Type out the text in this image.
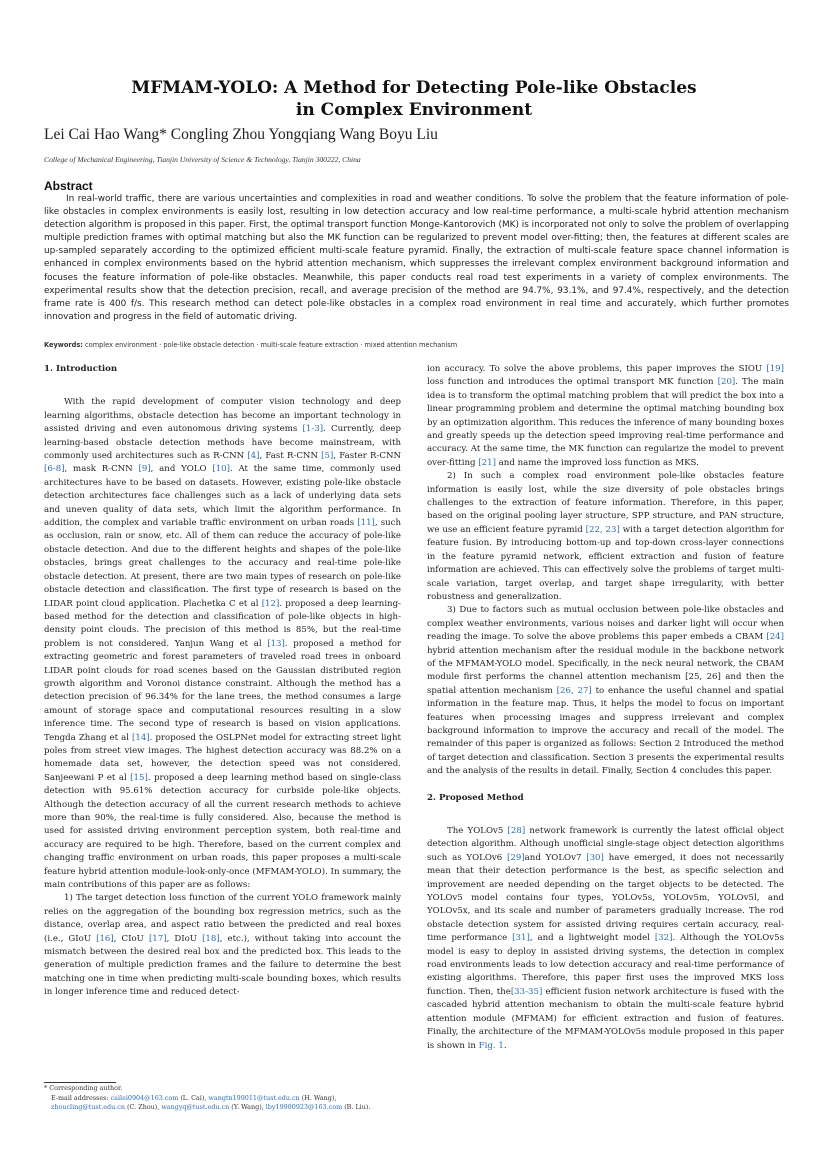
MFMAM-YOLO: A Method for Detecting Pole-like Obstacles
in Complex Environment
Lei Cai Hao Wang* Congling Zhou Yongqiang Wang Boyu Liu
College of Mechanical Engineering, Tianjin University of Science & Technology, Tianjin 300222, China
Abstract
In real-world traffic, there are various uncertainties and complexities in road and weather conditions. To solve the problem that the feature information of pole-like obstacles in complex environments is easily lost, resulting in low detection accuracy and low real-time performance, a multi-scale hybrid attention mechanism detection algorithm is proposed in this paper. First, the optimal transport function Monge-Kantorovich (MK) is incorporated not only to solve the problem of overlapping multiple prediction frames with optimal matching but also the MK function can be regularized to prevent model over-fitting; then, the features at different scales are up-sampled separately according to the optimized efficient multi-scale feature pyramid. Finally, the extraction of multi-scale feature space channel information is enhanced in complex environments based on the hybrid attention mechanism, which suppresses the irrelevant complex environment background information and focuses the feature information of pole-like obstacles. Meanwhile, this paper conducts real road test experiments in a variety of complex environments. The experimental results show that the detection precision, recall, and average precision of the method are 94.7%, 93.1%, and 97.4%, respectively, and the detection frame rate is 400 f/s. This research method can detect pole-like obstacles in a complex road environment in real time and accurately, which further promotes innovation and progress in the field of automatic driving.
Keywords: complex environment · pole-like obstacle detection · multi-scale feature extraction · mixed attention mechanism
1. Introduction

With the rapid development of computer vision technology and deep learning algorithms, obstacle detection has become an important technology in assisted driving and even autonomous driving systems [1-3]. Currently, deep learning-based obstacle detection methods have become mainstream, with commonly used architectures such as R-CNN [4], Fast R-CNN [5], Faster R-CNN [6-8], mask R-CNN [9], and YOLO [10]. At the same time, commonly used architectures have to be based on datasets. However, existing pole-like obstacle detection architectures face challenges such as a lack of underlying data sets and uneven quality of data sets, which limit the algorithm performance. In addition, the complex and variable traffic environment on urban roads [11], such as occlusion, rain or snow, etc. All of them can reduce the accuracy of pole-like obstacle detection. And due to the different heights and shapes of the pole-like obstacles, brings great challenges to the accuracy and real-time pole-like obstacle detection. At present, there are two main types of research on pole-like obstacle detection and classification. The first type of research is based on the LIDAR point cloud application. Plachetka C et al [12]. proposed a deep learning-based method for the detection and classification of pole-like objects in high-density point clouds. The precision of this method is 85%, but the real-time problem is not considered. Yanjun Wang et al [13]. proposed a method for extracting geometric and forest parameters of traveled road trees in onboard LIDAR point clouds for road scenes based on the Gaussian distributed region growth algorithm and Voronoi distance constraint. Although the method has a detection precision of 96.34% for the lane trees, the method consumes a large amount of storage space and computational resources resulting in a slow inference time. The second type of research is based on vision applications. Tengda Zhang et al [14]. proposed the OSLPNet model for extracting street light poles from street view images. The highest detection accuracy was 88.2% on a homemade data set, however, the detection speed was not considered. Sanjeewani P et al [15]. proposed a deep learning method based on single-class detection with 95.61% detection accuracy for curbside pole-like objects. Although the detection accuracy of all the current research methods to achieve more than 90%, the real-time is fully considered. Also, because the method is used for assisted driving environment perception system, both real-time and accuracy are required to be high. Therefore, based on the current complex and changing traffic environment on urban roads, this paper proposes a multi-scale feature hybrid attention module-look-only-once (MFMAM-YOLO). In summary, the main contributions of this paper are as follows:

1) The target detection loss function of the current YOLO framework mainly relies on the aggregation of the bounding box regression metrics, such as the distance, overlap area, and aspect ratio between the predicted and real boxes (i.e., GIoU [16], CIoU [17], DIoU [18], etc.), without taking into account the mismatch between the desired real box and the predicted box. This leads to the generation of multiple prediction frames and the failure to determine the best matching one in time when predicting multi-scale bounding boxes, which results in longer inference time and reduced detect-

ion accuracy. To solve the above problems, this paper improves the SIOU [19] loss function and introduces the optimal transport MK function [20]. The main idea is to transform the optimal matching problem that will predict the box into a linear programming problem and determine the optimal matching bounding box by an optimization algorithm. This reduces the inference of many bounding boxes and greatly speeds up the detection speed improving real-time performance and accuracy. At the same time, the MK function can regularize the model to prevent over-fitting [21] and name the improved loss function as MKS.

2) In such a complex road environment pole-like obstacles feature information is easily lost, while the size diversity of pole obstacles brings challenges to the extraction of feature information. Therefore, in this paper, based on the original pooling layer structure, SPP structure, and PAN structure, we use an efficient feature pyramid [22, 23] with a target detection algorithm for feature fusion. By introducing bottom-up and top-down cross-layer connections in the feature pyramid network, efficient extraction and fusion of feature information are achieved. This can effectively solve the problems of target multi-scale variation, target overlap, and target shape irregularity, with better robustness and generalization.

3) Due to factors such as mutual occlusion between pole-like obstacles and complex weather environments, various noises and darker light will occur when reading the image. To solve the above problems this paper embeds a CBAM [24] hybrid attention mechanism after the residual module in the backbone network of the MFMAM-YOLO model. Specifically, in the neck neural network, the CBAM module first performs the channel attention mechanism [25, 26] and then the spatial attention mechanism [26, 27] to enhance the useful channel and spatial information in the feature map. Thus, it helps the model to focus on important features when processing images and suppress irrelevant and complex background information to improve the accuracy and recall of the model. The remainder of this paper is organized as follows: Section 2 Introduced the method of target detection and classification. Section 3 presents the experimental results and the analysis of the results in detail. Finally, Section 4 concludes this paper.

2. Proposed Method

The YOLOv5 [28] network framework is currently the latest official object detection algorithm. Although unofficial single-stage object detection algorithms such as YOLOv6 [29]and YOLOv7 [30] have emerged, it does not necessarily mean that their detection performance is the best, as specific selection and improvement are needed depending on the target objects to be detected. The YOLOv5 model contains four types, YOLOv5s, YOLOv5m, YOLOv5l, and YOLOv5x, and its scale and number of parameters gradually increase. The rod obstacle detection system for assisted driving requires certain accuracy, real-time performance [31], and a lightweight model [32]. Although the YOLOv5s model is easy to deploy in assisted driving systems, the detection in complex road environments leads to low detection accuracy and real-time performance of existing algorithms. Therefore, this paper first uses the improved MKS loss function. Then, the[33-35] efficient fusion network architecture is fused with the cascaded hybrid attention mechanism to obtain the multi-scale feature hybrid attention module (MFMAM) for efficient extraction and fusion of features. Finally, the architecture of the MFMAM-YOLOv5s module proposed in this paper is shown in Fig. 1.

* Corresponding author.
E-mail addresses: cailei0904@163.com (L. Cai), wangtn199011@tust.edu.cn (H. Wang),
zhoucling@tust.edu.cn (C. Zhou), wangyq@tust.edu.cn (Y. Wang), lby19980923@163.com (B. Liu).
